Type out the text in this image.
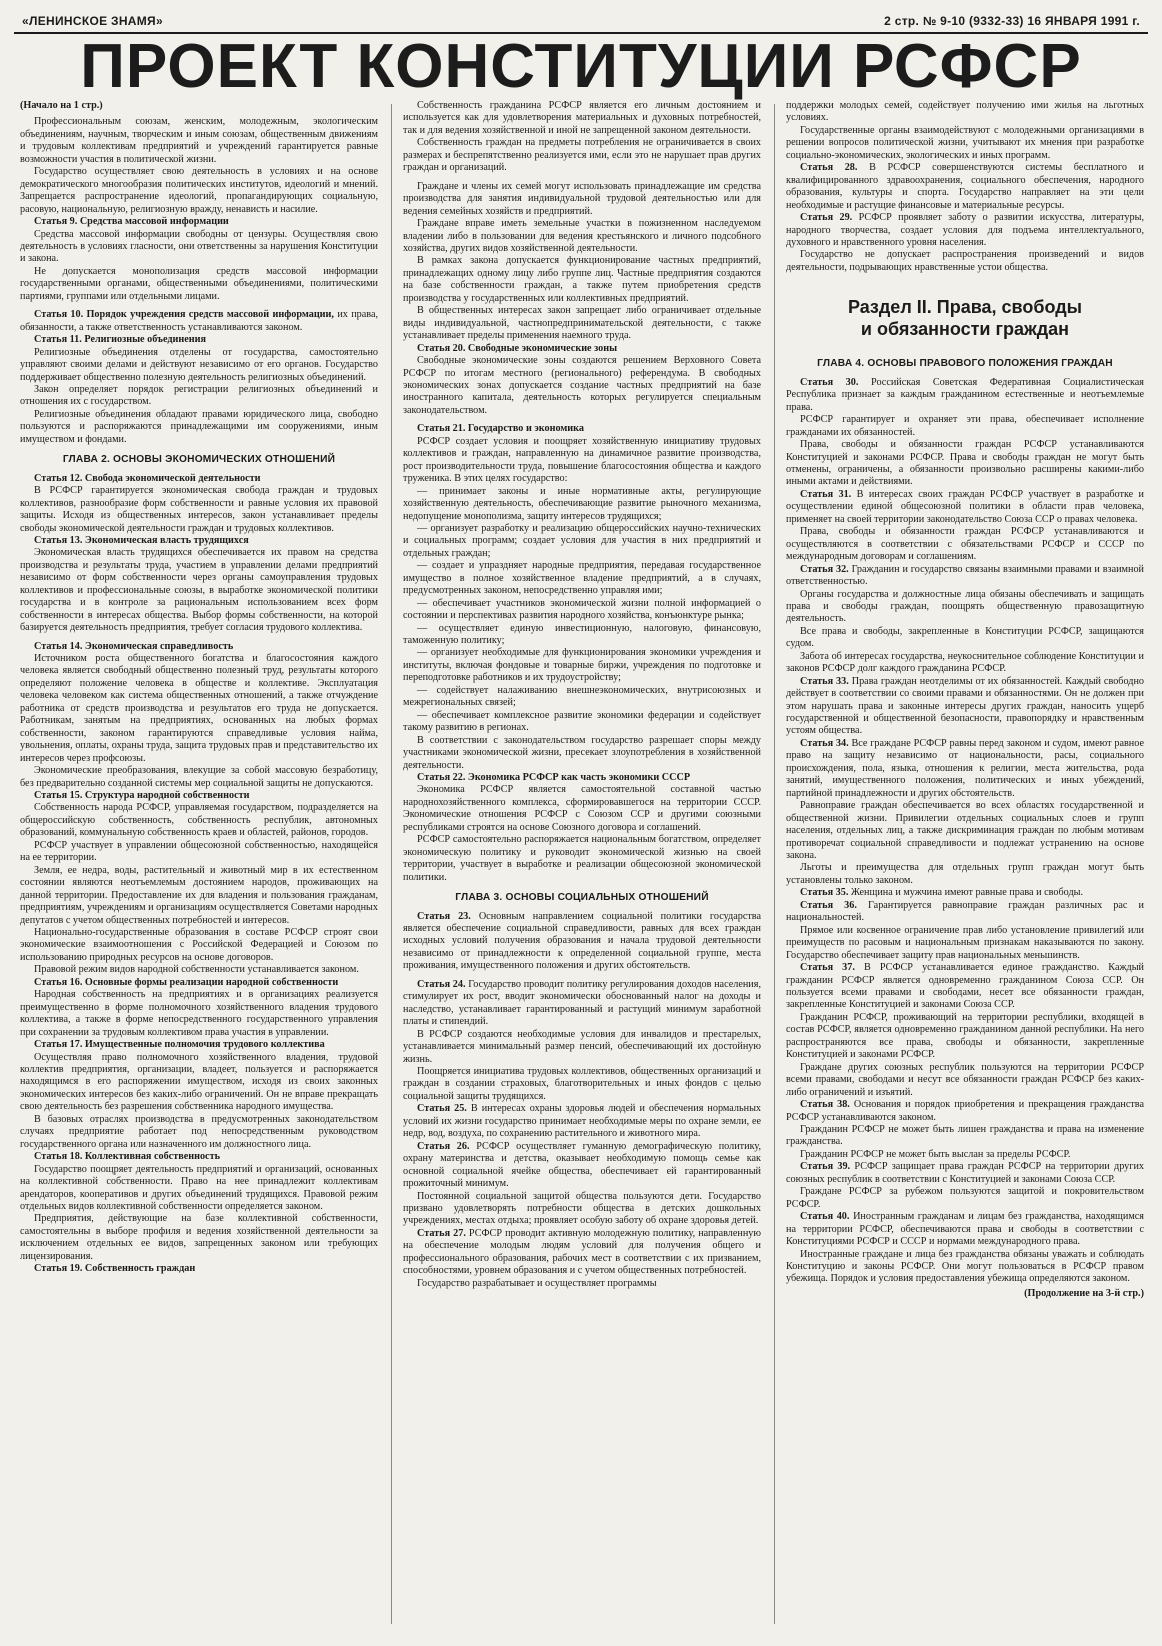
«ЛЕНИНСКОЕ ЗНАМЯ»	2 стр. № 9-10 (9332-33) 16 ЯНВАРЯ 1991 г.
ПРОЕКТ КОНСТИТУЦИИ РСФСР

(Начало на 1 стр.)

Профессиональным союзам, женским, молодежным, экологическим объединениям, научным, творческим и иным союзам, общественным движениям и трудовым коллективам предприятий и учреждений гарантируется равные возможности участия в политической жизни.

Государство осуществляет свою деятельность в условиях и на основе демократического многообразия политических институтов, идеологий и мнений. Запрещается распространение идеологий, пропагандирующих социальную, расовую, национальную, религиозную вражду, ненависть и насилие.

Статья 9. Средства массовой информации

Средства массовой информации свободны от цензуры. Осуществляя свою деятельность в условиях гласности, они ответственны за нарушения Конституции и закона.

Не допускается монополизация средств массовой информации государственными органами, общественными объединениями, политическими партиями, группами или отдельными лицами.

Статья 10. Порядок учреждения средств массовой информации, их права, обязанности, а также ответственность устанавливаются законом.

Статья 11. Религиозные объединения

Религиозные объединения отделены от государства, самостоятельно управляют своими делами и действуют независимо от его органов. Государство поддерживает общественно полезную деятельность религиозных объединений.

Закон определяет порядок регистрации религиозных объединений и отношения их с государством.

Религиозные объединения обладают правами юридического лица, свободно пользуются и распоряжаются принадлежащими им сооружениями, иным имуществом и фондами.

ГЛАВА 2. ОСНОВЫ ЭКОНОМИЧЕСКИХ ОТНОШЕНИЙ

Статья 12. Свобода экономической деятельности

В РСФСР гарантируется экономическая свобода граждан и трудовых коллективов, разнообразие форм собственности и равные условия их правовой защиты. Исходя из общественных интересов, закон устанавливает пределы свободы экономической деятельности граждан и трудовых коллективов.

Статья 13. Экономическая власть трудящихся

Экономическая власть трудящихся обеспечивается их правом на средства производства и результаты труда, участием в управлении делами предприятий независимо от форм собственности через органы самоуправления трудовых коллективов и профессиональные союзы, в выработке экономической политики государства и в контроле за рациональным использованием всех форм собственности в интересах общества. Выбор формы собственности, на которой базируется деятельность предприятия, требует согласия трудового коллектива.

Статья 14. Экономическая справедливость

Источником роста общественного богатства и благосостояния каждого человека является свободный общественно полезный труд, результаты которого определяют положение человека в обществе и коллективе. Эксплуатация человека человеком как система общественных отношений, а также отчуждение работника от средств производства и результатов его труда не допускается. Работникам, занятым на предприятиях, основанных на любых формах собственности, законом гарантируются справедливые условия найма, увольнения, оплаты, охраны труда, защита трудовых прав и представительство их интересов через профсоюзы.

Экономические преобразования, влекущие за собой массовую безработицу, без предварительно созданной системы мер социальной защиты не допускаются.

Статья 15. Структура народной собственности

Собственность народа РСФСР, управляемая государством, подразделяется на общероссийскую собственность, собственность республик, автономных образований, коммунальную собственность краев и областей, районов, городов.

РСФСР участвует в управлении общесоюзной собственностью, находящейся на ее территории.

Земля, ее недра, воды, растительный и животный мир в их естественном состоянии являются неотъемлемым достоянием народов, проживающих на данной территории. Предоставление их для владения и пользования гражданам, предприятиям, учреждениям и организациям осуществляется Советами народных депутатов с учетом общественных потребностей и интересов.

Национально-государственные образования в составе РСФСР строят свои экономические взаимоотношения с Российской Федерацией и Союзом по использованию природных ресурсов на основе договоров.

Правовой режим видов народной собственности устанавливается законом.

Статья 16. Основные формы реализации народной собственности

Народная собственность на предприятиях и в организациях реализуется преимущественно в форме полномочного хозяйственного владения трудового коллектива, а также в форме непосредственного государственного управления при сохранении за трудовым коллективом права участия в управлении.

Статья 17. Имущественные полномочия трудового коллектива

Осуществляя право полномочного хозяйственного владения, трудовой коллектив предприятия, организации, владеет, пользуется и распоряжается находящимся в его распоряжении имуществом, исходя из своих законных экономических интересов без каких-либо ограничений. Он не вправе прекращать свою деятельность без разрешения собственника народного имущества.

В базовых отраслях производства в предусмотренных законодательством случаях предприятие работает под непосредственным руководством государственного органа или назначенного им должностного лица.

Статья 18. Коллективная собственность

Государство поощряет деятельность предприятий и организаций, основанных на коллективной собственности. Право на нее принадлежит коллективам арендаторов, кооперативов и других объединений трудящихся. Правовой режим отдельных видов коллективной собственности определяется законом.

Предприятия, действующие на базе коллективной собственности, самостоятельны в выборе профиля и ведения хозяйственной деятельности за исключением отдельных ее видов, запрещенных законом или требующих лицензирования.

Статья 19. Собственность граждан

Собственность гражданина РСФСР является его личным достоянием и используется как для удовлетворения материальных и духовных потребностей, так и для ведения хозяйственной и иной не запрещенной законом деятельности.

Собственность граждан на предметы потребления не ограничивается в своих размерах и беспрепятственно реализуется ими, если это не нарушает прав других граждан и организаций.

Граждане и члены их семей могут использовать принадлежащие им средства производства для занятия индивидуальной трудовой деятельностью или для ведения семейных хозяйств и предприятий.

Граждане вправе иметь земельные участки в пожизненном наследуемом владении либо в пользовании для ведения крестьянского и личного подсобного хозяйства, других видов хозяйственной деятельности.

В рамках закона допускается функционирование частных предприятий, принадлежащих одному лицу либо группе лиц. Частные предприятия создаются на базе собственности граждан, а также путем приобретения средств производства у государственных или коллективных предприятий.

В общественных интересах закон запрещает либо ограничивает отдельные виды индивидуальной, частнопредпринимательской деятельности, с также устанавливает пределы применения наемного труда.

Статья 20. Свободные экономические зоны

Свободные экономические зоны создаются решением Верховного Совета РСФСР по итогам местного (регионального) референдума. В свободных экономических зонах допускается создание частных предприятий на базе иностранного капитала, деятельность которых регулируется специальным законодательством.

Статья 21. Государство и экономика

РСФСР создает условия и поощряет хозяйственную инициативу трудовых коллективов и граждан, направленную на динамичное развитие производства, рост производительности труда, повышение благосостояния общества и каждого труженика. В этих целях государство:

— принимает законы и иные нормативные акты, регулирующие хозяйственную деятельность, обеспечивающие развитие рыночного механизма, недопущение монополизма, защиту интересов трудящихся;

— организует разработку и реализацию общероссийских научно-технических и социальных программ; создает условия для участия в них предприятий и отдельных граждан;

— создает и упраздняет народные предприятия, передавая государственное имущество в полное хозяйственное владение предприятий, а в случаях, предусмотренных законом, непосредственно управляя ими;

— обеспечивает участников экономической жизни полной информацией о состоянии и перспективах развития народного хозяйства, конъюнктуре рынка;

— осуществляет единую инвестиционную, налоговую, финансовую, таможенную политику;

— организует необходимые для функционирования экономики учреждения и институты, включая фондовые и товарные биржи, учреждения по подготовке и переподготовке работников и их трудоустройству;

— содействует налаживанию внешнеэкономических, внутрисоюзных и межрегиональных связей;

— обеспечивает комплексное развитие экономики федерации и содействует такому развитию в регионах.

В соответствии с законодательством государство разрешает споры между участниками экономической жизни, пресекает злоупотребления в хозяйственной деятельности.

Статья 22. Экономика РСФСР как часть экономики СССР

Экономика РСФСР является самостоятельной составной частью народнохозяйственного комплекса, сформировавшегося на территории СССР. Экономические отношения РСФСР с Союзом ССР и другими союзными республиками строятся на основе Союзного договора и соглашений.

РСФСР самостоятельно распоряжается национальным богатством, определяет экономическую политику и руководит экономической жизнью на своей территории, участвует в выработке и реализации общесоюзной экономической политики.

ГЛАВА 3. ОСНОВЫ СОЦИАЛЬНЫХ ОТНОШЕНИЙ

Статья 23. Основным направлением социальной политики государства является обеспечение социальной справедливости, равных для всех граждан исходных условий получения образования и начала трудовой деятельности независимо от принадлежности к определенной социальной группе, места проживания, имущественного положения и других обстоятельств.

Статья 24. Государство проводит политику регулирования доходов населения, стимулирует их рост, вводит экономически обоснованный налог на доходы и наследство, устанавливает гарантированный и растущий минимум заработной платы и стипендий.

В РСФСР создаются необходимые условия для инвалидов и престарелых, устанавливается минимальный размер пенсий, обеспечивающий их достойную жизнь.

Поощряется инициатива трудовых коллективов, общественных организаций и граждан в создании страховых, благотворительных и иных фондов с целью социальной защиты трудящихся.

Статья 25. В интересах охраны здоровья людей и обеспечения нормальных условий их жизни государство принимает необходимые меры по охране земли, ее недр, вод, воздуха, по сохранению растительного и животного мира.

Статья 26. РСФСР осуществляет гуманную демографическую политику, охрану материнства и детства, оказывает необходимую помощь семье как основной социальной ячейке общества, обеспечивает ей гарантированный прожиточный минимум.

Постоянной социальной защитой общества пользуются дети. Государство призвано удовлетворять потребности общества в детских дошкольных учреждениях, местах отдыха; проявляет особую заботу об охране здоровья детей.

Статья 27. РСФСР проводит активную молодежную политику, направленную на обеспечение молодым людям условий для получения общего и профессионального образования, рабочих мест в соответствии с их призванием, способностями, уровнем образования и с учетом общественных потребностей.

Государство разрабатывает и осуществляет программы

поддержки молодых семей, содействует получению ими жилья на льготных условиях.

Государственные органы взаимодействуют с молодежными организациями в решении вопросов политической жизни, учитывают их мнения при разработке социально-экономических, экологических и иных программ.

Статья 28. В РСФСР совершенствуются системы бесплатного и квалифицированного здравоохранения, социального обеспечения, народного образования, культуры и спорта. Государство направляет на эти цели необходимые и растущие финансовые и материальные ресурсы.

Статья 29. РСФСР проявляет заботу о развитии искусства, литературы, народного творчества, создает условия для подъема интеллектуального, духовного и нравственного уровня населения.

Государство не допускает распространения произведений и видов деятельности, подрывающих нравственные устои общества.

Раздел II. Права, свободы
и обязанности граждан
ГЛАВА 4. ОСНОВЫ ПРАВОВОГО ПОЛОЖЕНИЯ ГРАЖДАН

Статья 30. Российская Советская Федеративная Социалистическая Республика признает за каждым гражданином естественные и неотъемлемые права.

РСФСР гарантирует и охраняет эти права, обеспечивает исполнение гражданами их обязанностей.

Права, свободы и обязанности граждан РСФСР устанавливаются Конституцией и законами РСФСР. Права и свободы граждан не могут быть отменены, ограничены, а обязанности произвольно расширены какими-либо иными актами и действиями.

Статья 31. В интересах своих граждан РСФСР участвует в разработке и осуществлении единой общесоюзной политики в области прав человека, применяет на своей территории законодательство Союза ССР о правах человека.

Права, свободы и обязанности граждан РСФСР устанавливаются и осуществляются в соответствии с обязательствами РСФСР и СССР по международным договорам и соглашениям.

Статья 32. Гражданин и государство связаны взаимными правами и взаимной ответственностью.

Органы государства и должностные лица обязаны обеспечивать и защищать права и свободы граждан, поощрять общественную правозащитную деятельность.

Все права и свободы, закрепленные в Конституции РСФСР, защищаются судом.

Забота об интересах государства, неукоснительное соблюдение Конституции и законов РСФСР долг каждого гражданина РСФСР.

Статья 33. Права граждан неотделимы от их обязанностей. Каждый свободно действует в соответствии со своими правами и обязанностями. Он не должен при этом нарушать права и законные интересы других граждан, наносить ущерб государственной и общественной безопасности, правопорядку и нравственным устоям общества.

Статья 34. Все граждане РСФСР равны перед законом и судом, имеют равное право на защиту независимо от национальности, расы, социального происхождения, пола, языка, отношения к религии, места жительства, рода занятий, имущественного положения, политических и иных убеждений, партийной принадлежности и других обстоятельств.

Равноправие граждан обеспечивается во всех областях государственной и общественной жизни. Привилегии отдельных социальных слоев и групп населения, отдельных лиц, а также дискриминация граждан по любым мотивам противоречат социальной справедливости и подлежат устранению на основе закона.

Льготы и преимущества для отдельных групп граждан могут быть установлены только законом.

Статья 35. Женщина и мужчина имеют равные права и свободы.

Статья 36. Гарантируется равноправие граждан различных рас и национальностей.

Прямое или косвенное ограничение прав либо установление привилегий или преимуществ по расовым и национальным признакам наказываются по закону. Государство обеспечивает защиту прав национальных меньшинств.

Статья 37. В РСФСР устанавливается единое гражданство. Каждый гражданин РСФСР является одновременно гражданином Союза ССР. Он пользуется всеми правами и свободами, несет все обязанности граждан, закрепленные Конституцией и законами Союза ССР.

Гражданин РСФСР, проживающий на территории республики, входящей в состав РСФСР, является одновременно гражданином данной республики. На него распространяются все права, свободы и обязанности, закрепленные Конституцией и законами РСФСР.

Граждане других союзных республик пользуются на территории РСФСР всеми правами, свободами и несут все обязанности граждан РСФСР без каких-либо ограничений и изъятий.

Статья 38. Основания и порядок приобретения и прекращения гражданства РСФСР устанавливаются законом.

Гражданин РСФСР не может быть лишен гражданства и права на изменение гражданства.

Гражданин РСФСР не может быть выслан за пределы РСФСР.

Статья 39. РСФСР защищает права граждан РСФСР на территории других союзных республик в соответствии с Конституцией и законами Союза ССР.

Граждане РСФСР за рубежом пользуются защитой и покровительством РСФСР.

Статья 40. Иностранным гражданам и лицам без гражданства, находящимся на территории РСФСР, обеспечиваются права и свободы в соответствии с Конституциями РСФСР и СССР и нормами международного права.

Иностранные граждане и лица без гражданства обязаны уважать и соблюдать Конституцию и законы РСФСР. Они могут пользоваться в РСФСР правом убежища. Порядок и условия предоставления убежища определяются законом.

(Продолжение на 3-й стр.)
